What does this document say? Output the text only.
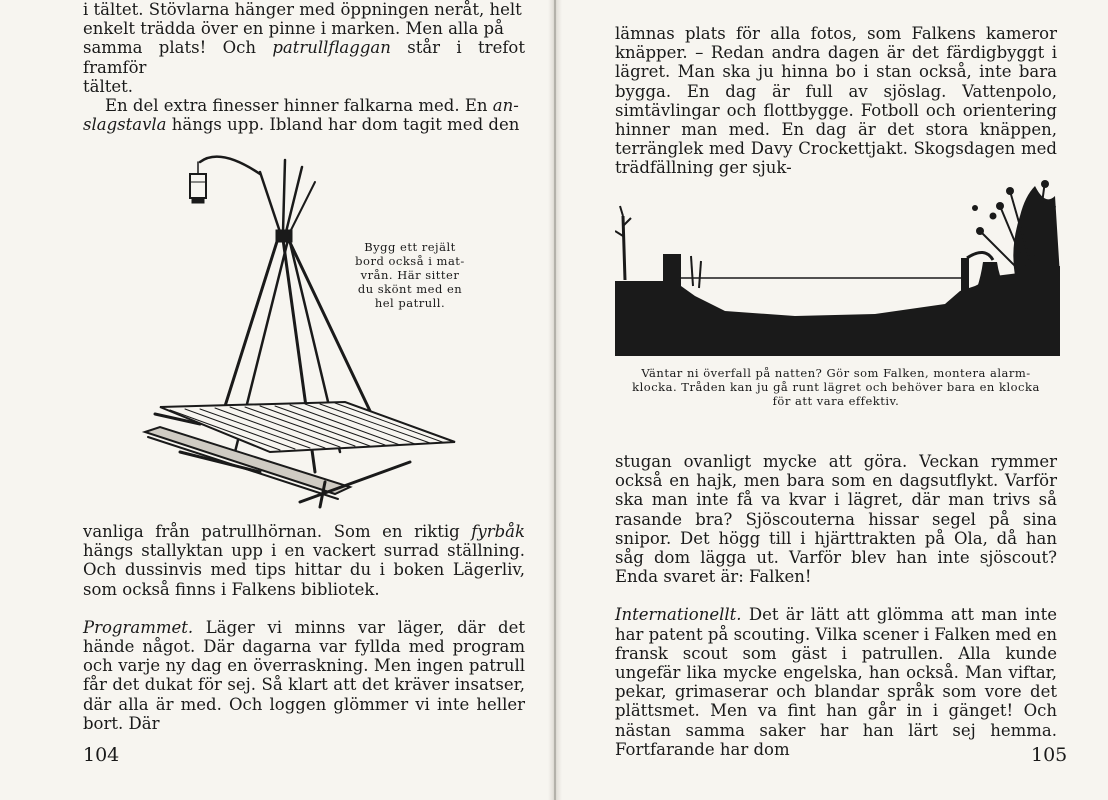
i tältet. Stövlarna hänger med öppningen neråt, helt

enkelt trädda över en pinne i marken. Men alla på

samma plats! Och patrullflaggan står i trefot framför

tältet.

En del extra finesser hinner falkarna med. En an-

slagstavla hängs upp. Ibland har dom tagit med den

Bygg ett rejält
bord också i mat-
vrån. Här sitter
du skönt med en
hel patrull.

vanliga från patrullhörnan. Som en riktig fyrbåk hängs stallyktan upp i en vackert surrad ställning. Och dussinvis med tips hittar du i boken Lägerliv, som också finns i Falkens bibliotek.

Programmet. Läger vi minns var läger, där det hände något. Där dagarna var fyllda med program och varje ny dag en överraskning. Men ingen patrull får det dukat för sej. Så klart att det kräver insatser, där alla är med. Och loggen glömmer vi inte heller bort. Där

104

lämnas plats för alla fotos, som Falkens kameror knäpper. – Redan andra dagen är det färdigbyggt i lägret. Man ska ju hinna bo i stan också, inte bara bygga. En dag är full av sjöslag. Vattenpolo, simtävlingar och flottbygge. Fotboll och orientering hinner man med. En dag är det stora knäppen, terränglek med Davy Crockettjakt. Skogsdagen med trädfällning ger sjuk-

Väntar ni överfall på natten? Gör som Falken, montera alarm-
klocka. Tråden kan ju gå runt lägret och behöver bara en klocka
för att vara effektiv.

stugan ovanligt mycke att göra. Veckan rymmer också en hajk, men bara som en dagsutflykt. Varför ska man inte få va kvar i lägret, där man trivs så rasande bra? Sjöscouterna hissar segel på sina snipor. Det högg till i hjärttrakten på Ola, då han såg dom lägga ut. Varför blev han inte sjöscout? Enda svaret är: Falken!

Internationellt. Det är lätt att glömma att man inte har patent på scouting. Vilka scener i Falken med en fransk scout som gäst i patrullen. Alla kunde ungefär lika mycke engelska, han också. Man viftar, pekar, grimaserar och blandar språk som vore det plättsmet. Men va fint han går in i gänget! Och nästan samma saker har han lärt sej hemma. Fortfarande har dom	105
